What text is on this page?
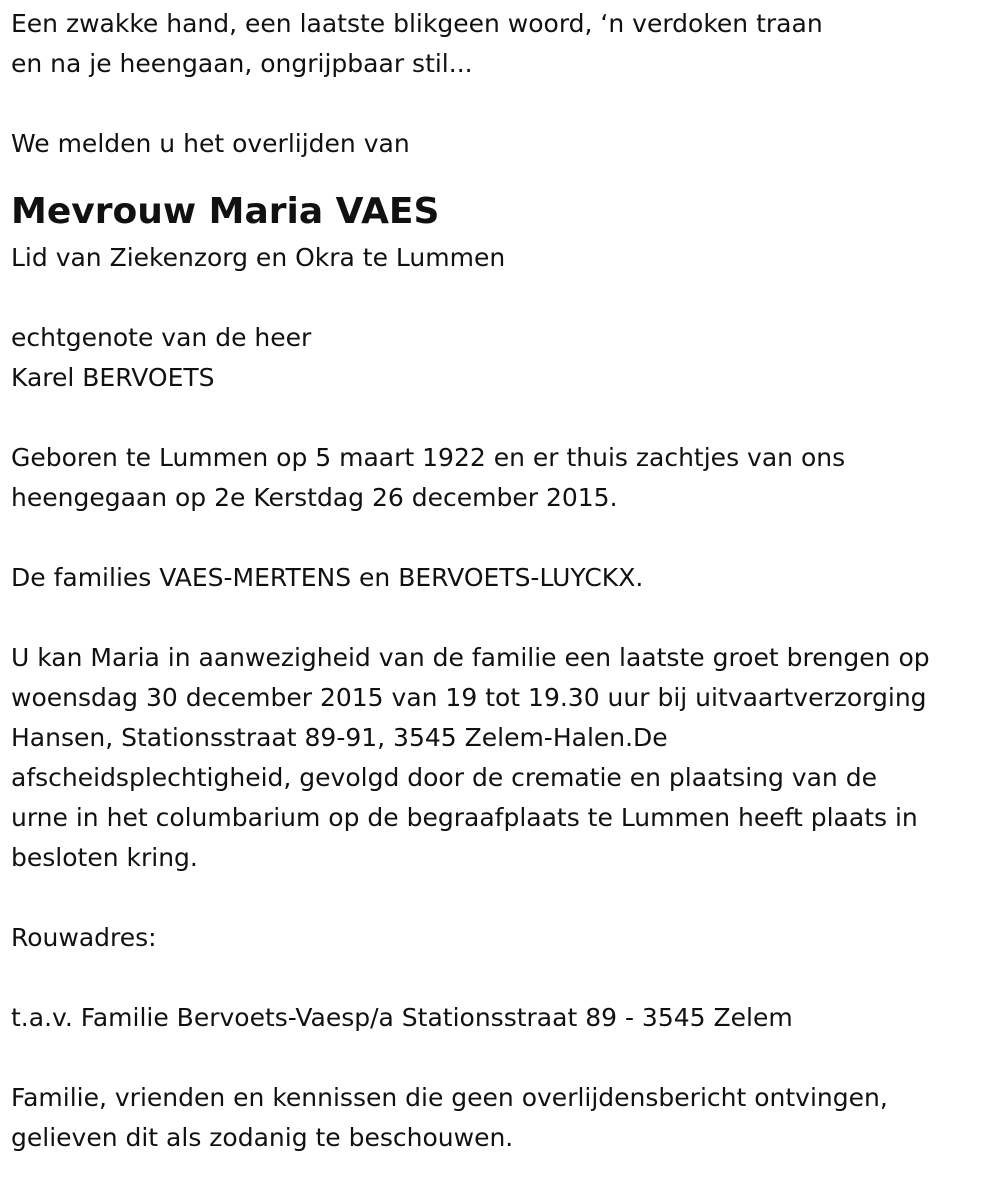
Een zwakke hand, een laatste blikgeen woord, ‘n verdoken traan
en na je heengaan, ongrijpbaar stil...
We melden u het overlijden van
Mevrouw Maria VAES
Lid van Ziekenzorg en Okra te Lummen
echtgenote van de heer
Karel BERVOETS
Geboren te Lummen op 5 maart 1922 en er thuis zachtjes van ons
heengegaan op 2e Kerstdag 26 december 2015.
De families VAES-MERTENS en BERVOETS-LUYCKX.
U kan Maria in aanwezigheid van de familie een laatste groet brengen op
woensdag 30 december 2015 van 19 tot 19.30 uur bij uitvaartverzorging
Hansen, Stationsstraat 89-91, 3545 Zelem-Halen.De
afscheidsplechtigheid, gevolgd door de crematie en plaatsing van de
urne in het columbarium op de begraafplaats te Lummen heeft plaats in
besloten kring.
Rouwadres:
t.a.v. Familie Bervoets-Vaesp/a Stationsstraat 89 - 3545 Zelem
Familie, vrienden en kennissen die geen overlijdensbericht ontvingen,
gelieven dit als zodanig te beschouwen.
